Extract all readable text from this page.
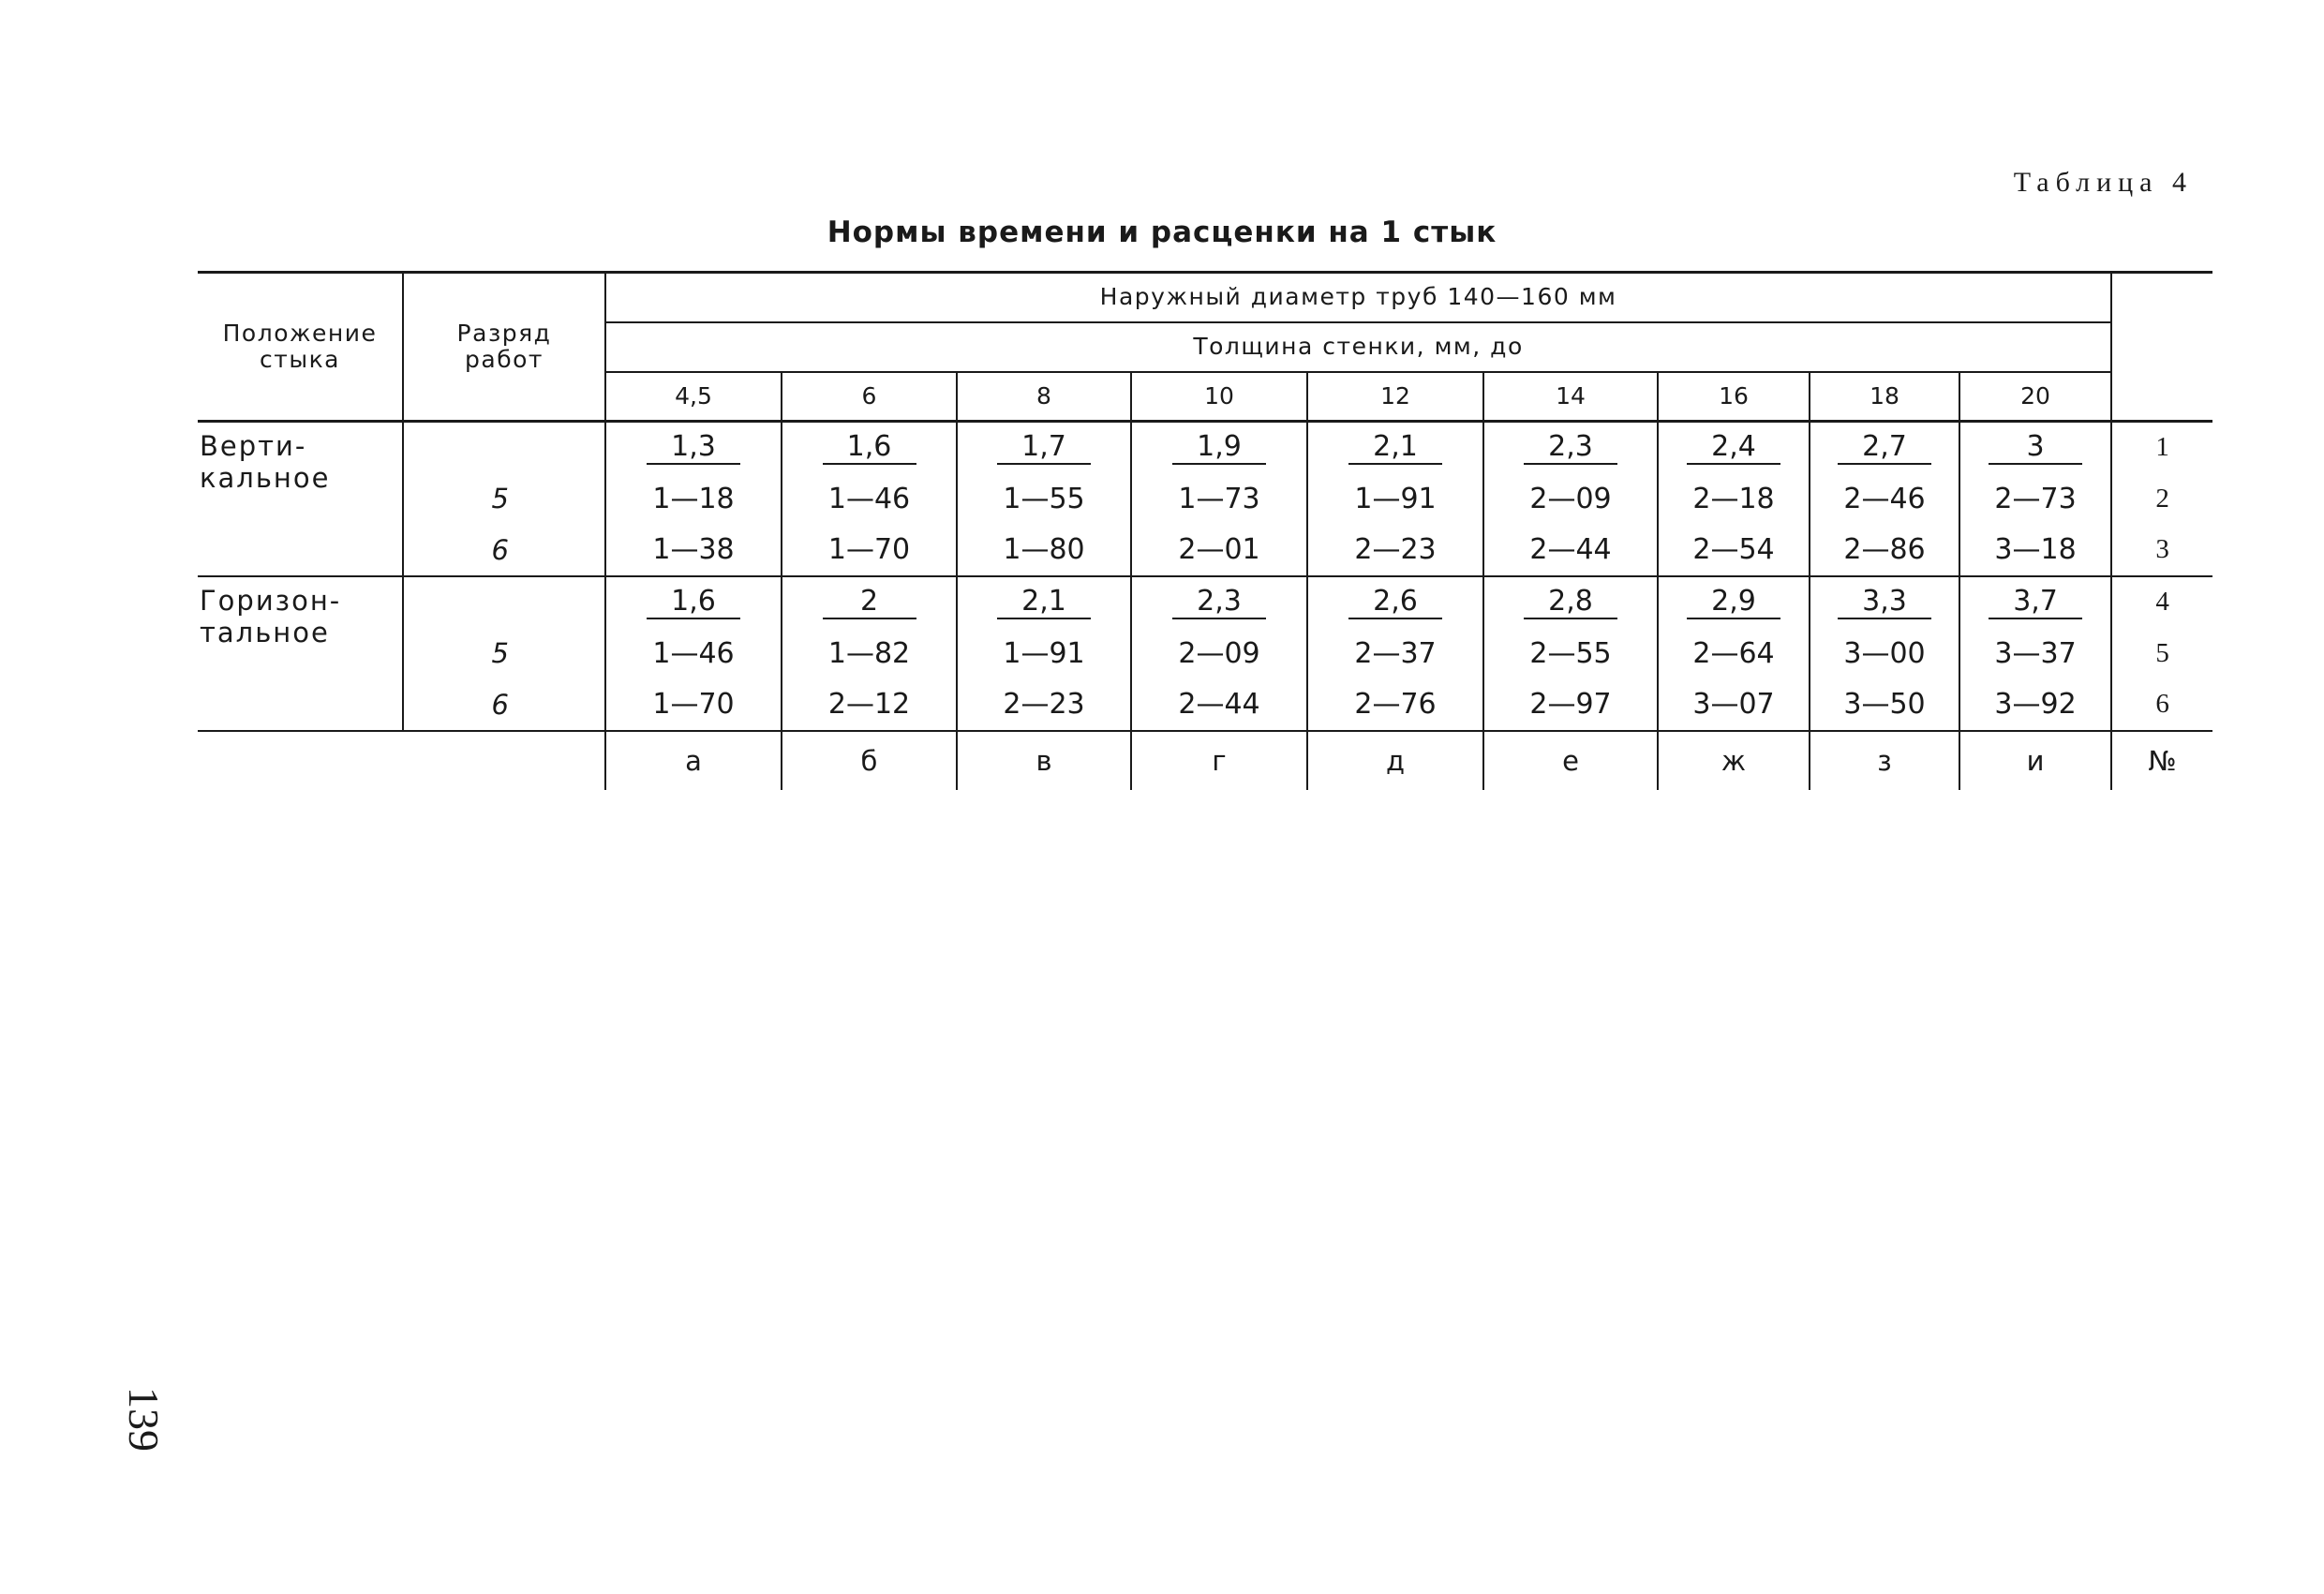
Таблица 4
Нормы времени и расценки на 1 стык
Положение стыка	Разряд работ	Наружный диаметр труб 140—160 мм									
		Толщина стенки, мм, до									
		4,5	6	8	10	12	14	16	18	20	

Верти-
кальное		1,3	1,6	1,7	1,9	2,1	2,3	2,4	2,7	3	1
	5	1—18	1—46	1—55	1—73	1—91	2—09	2—18	2—46	2—73	2
	6	1—38	1—70	1—80	2—01	2—23	2—44	2—54	2—86	3—18	3

Горизон-
тальное		1,6	2	2,1	2,3	2,6	2,8	2,9	3,3	3,7	4
	5	1—46	1—82	1—91	2—09	2—37	2—55	2—64	3—00	3—37	5
	6	1—70	2—12	2—23	2—44	2—76	2—97	3—07	3—50	3—92	6
		а	б	в	г	д	е	ж	з	и	№
139
